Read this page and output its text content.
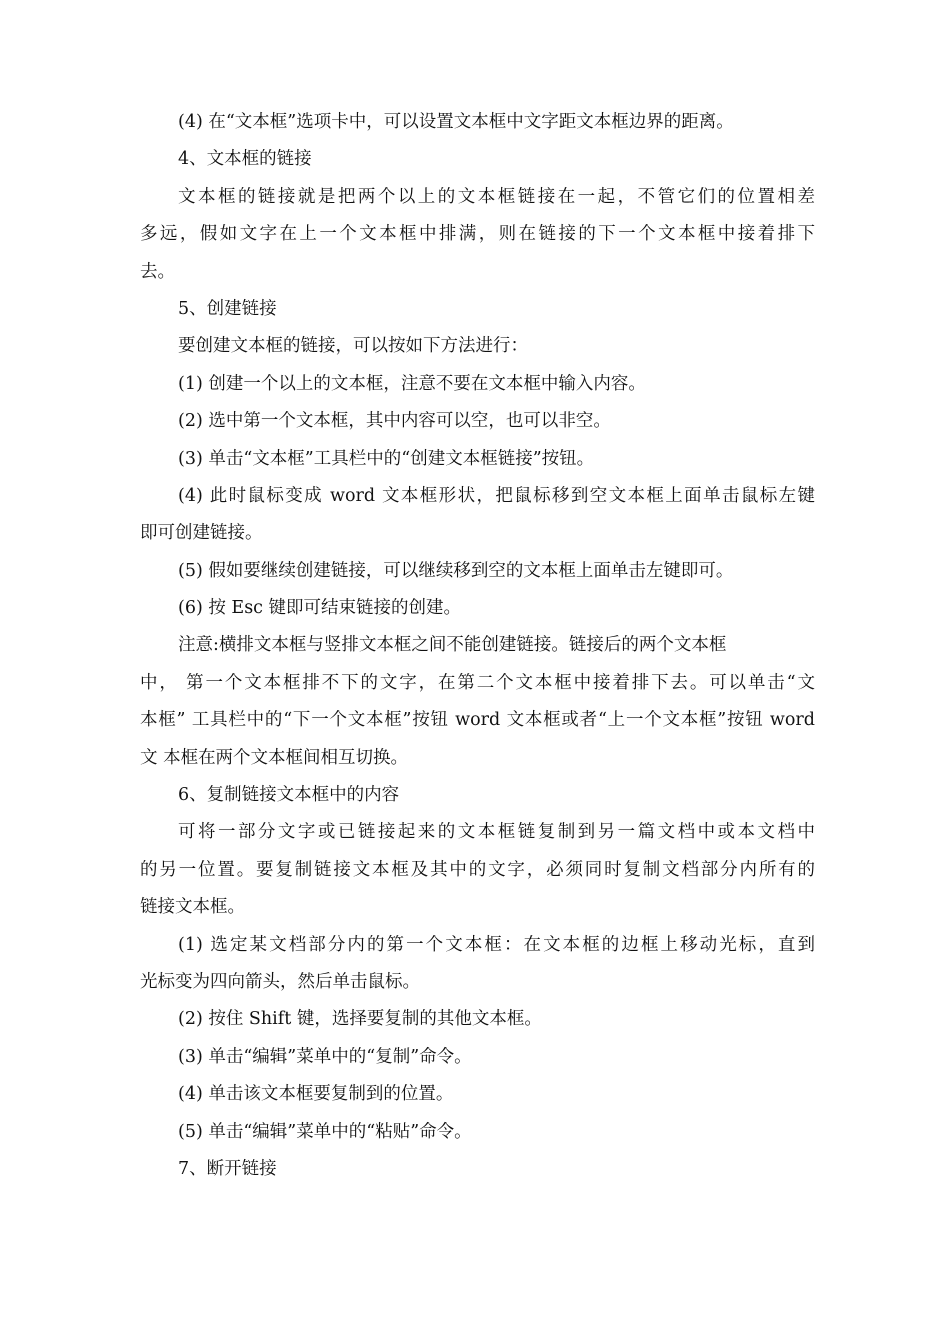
(4) 在“文本框”选项卡中，可以设置文本框中文字距文本框边界的距离。
4、文本框的链接
文本框的链接就是把两个以上的文本框链接在一起，不管它们的位置相差
多远，假如文字在上一个文本框中排满，则在链接的下一个文本框中接着排下
去。
5、创建链接
要创建文本框的链接，可以按如下方法进行：
(1) 创建一个以上的文本框，注意不要在文本框中输入内容。
(2) 选中第一个文本框，其中内容可以空，也可以非空。
(3) 单击“文本框”工具栏中的“创建文本框链接”按钮。
(4) 此时鼠标变成 word 文本框形状，把鼠标移到空文本框上面单击鼠标左键
即可创建链接。
(5) 假如要继续创建链接，可以继续移到空的文本框上面单击左键即可。
(6) 按 Esc 键即可结束链接的创建。
注意:横排文本框与竖排文本框之间不能创建链接。链接后的两个文本框
中， 第一个文本框排不下的文字，在第二个文本框中接着排下去。可以单击“文
本框” 工具栏中的“下一个文本框”按钮 word 文本框或者“上一个文本框”按钮 word
文 本框在两个文本框间相互切换。
6、复制链接文本框中的内容
可将一部分文字或已链接起来的文本框链复制到另一篇文档中或本文档中
的另一位置。要复制链接文本框及其中的文字，必须同时复制文档部分内所有的
链接文本框。
(1) 选定某文档部分内的第一个文本框：在文本框的边框上移动光标，直到
光标变为四向箭头，然后单击鼠标。
(2) 按住 Shift 键，选择要复制的其他文本框。
(3) 单击“编辑”菜单中的“复制”命令。
(4) 单击该文本框要复制到的位置。
(5) 单击“编辑”菜单中的“粘贴”命令。
7、断开链接
